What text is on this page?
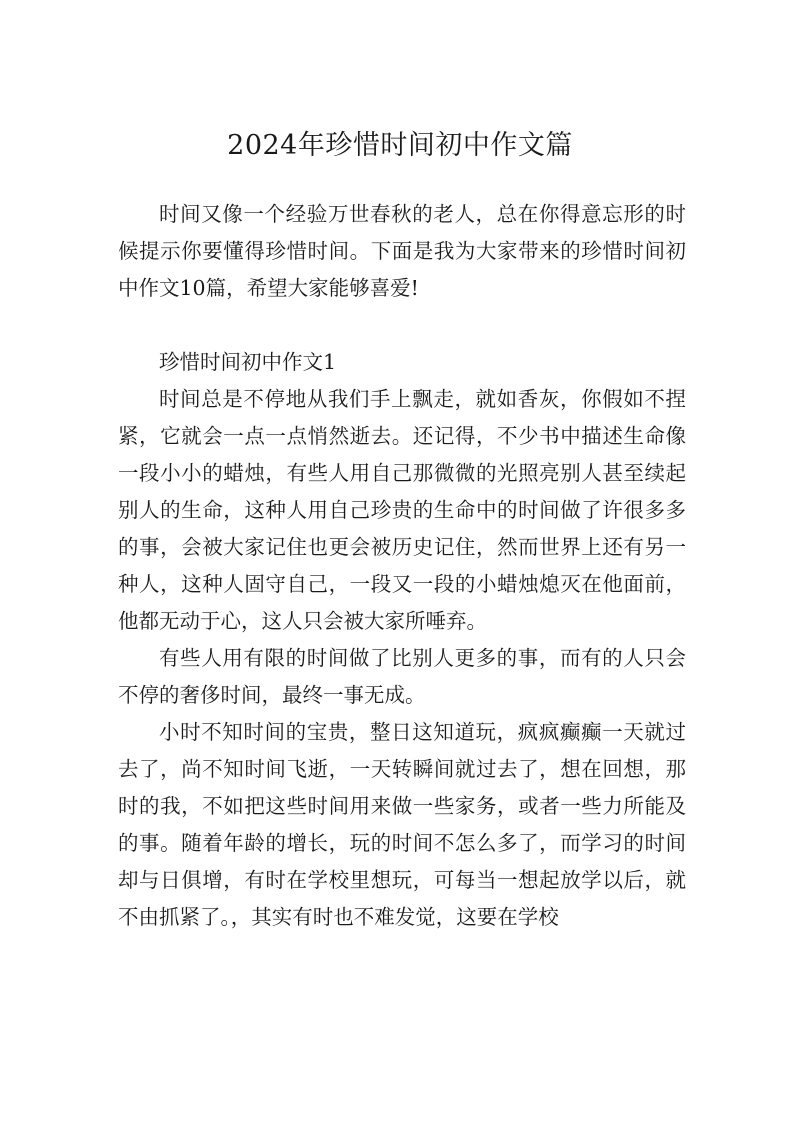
2024年珍惜时间初中作文篇

时间又像一个经验万世春秋的老人，总在你得意忘形的时候提示你要懂得珍惜时间。下面是我为大家带来的珍惜时间初中作文10篇，希望大家能够喜爱!

珍惜时间初中作文1

时间总是不停地从我们手上飘走，就如香灰，你假如不捏紧，它就会一点一点悄然逝去。还记得，不少书中描述生命像一段小小的蜡烛，有些人用自己那微微的光照亮别人甚至续起别人的生命，这种人用自己珍贵的生命中的时间做了许很多多的事，会被大家记住也更会被历史记住，然而世界上还有另一种人，这种人固守自己，一段又一段的小蜡烛熄灭在他面前，他都无动于心，这人只会被大家所唾弃。

有些人用有限的时间做了比别人更多的事，而有的人只会不停的奢侈时间，最终一事无成。

小时不知时间的宝贵，整日这知道玩，疯疯癫癫一天就过去了，尚不知时间飞逝，一天转瞬间就过去了，想在回想，那时的我，不如把这些时间用来做一些家务，或者一些力所能及的事。随着年龄的增长，玩的时间不怎么多了，而学习的时间却与日俱增，有时在学校里想玩，可每当一想起放学以后，就不由抓紧了。，其实有时也不难发觉，这要在学校
